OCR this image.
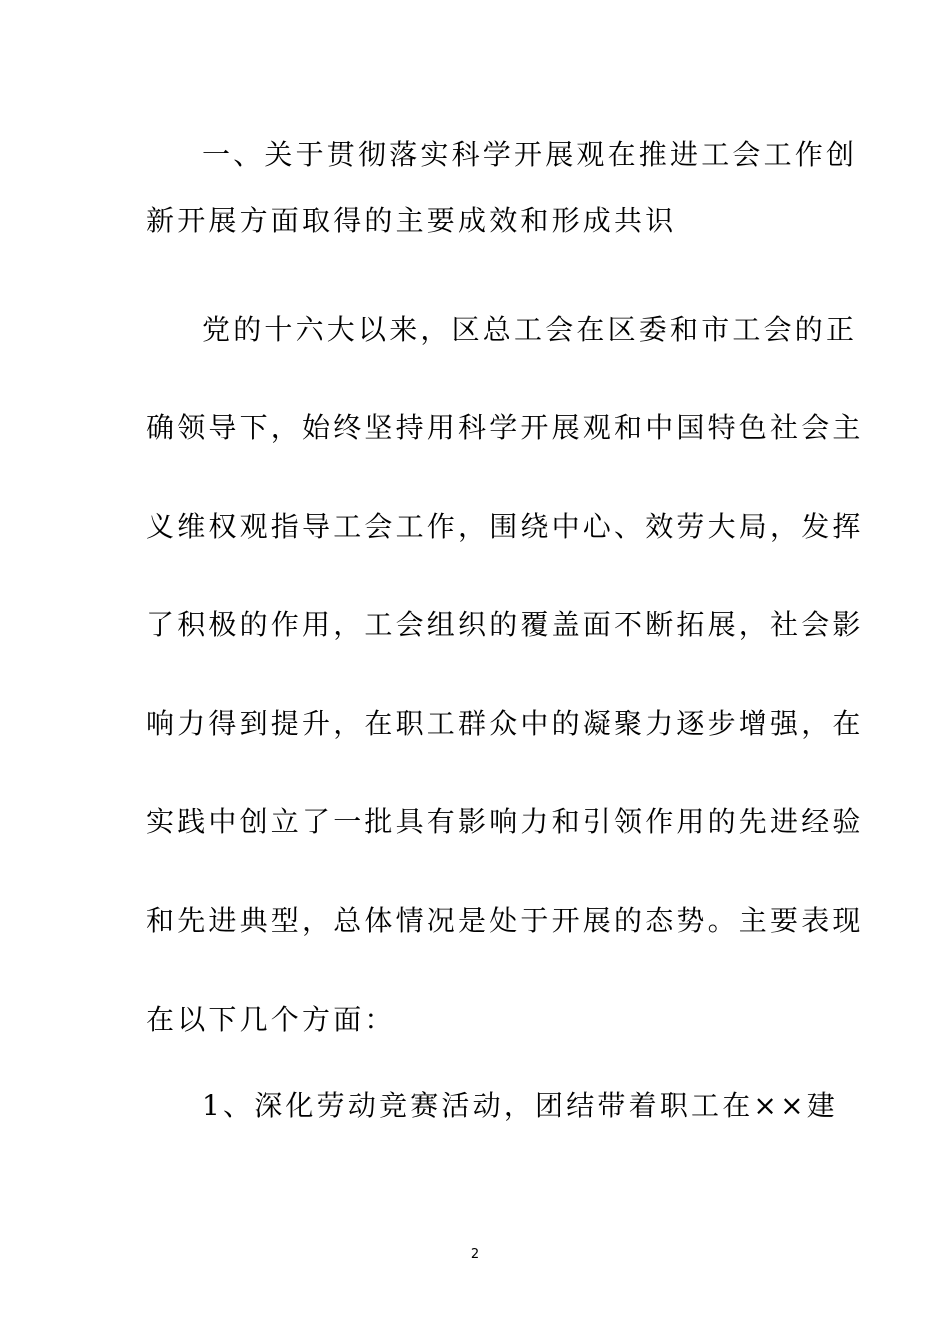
一、关于贯彻落实科学开展观在推进工会工作创
新开展方面取得的主要成效和形成共识
党的十六大以来，区总工会在区委和市工会的正
确领导下，始终坚持用科学开展观和中国特色社会主
义维权观指导工会工作，围绕中心、效劳大局，发挥
了积极的作用，工会组织的覆盖面不断拓展，社会影
响力得到提升，在职工群众中的凝聚力逐步增强，在
实践中创立了一批具有影响力和引领作用的先进经验
和先进典型，总体情况是处于开展的态势。主要表现
在以下几个方面：
1、深化劳动竞赛活动，团结带着职工在××建
2
